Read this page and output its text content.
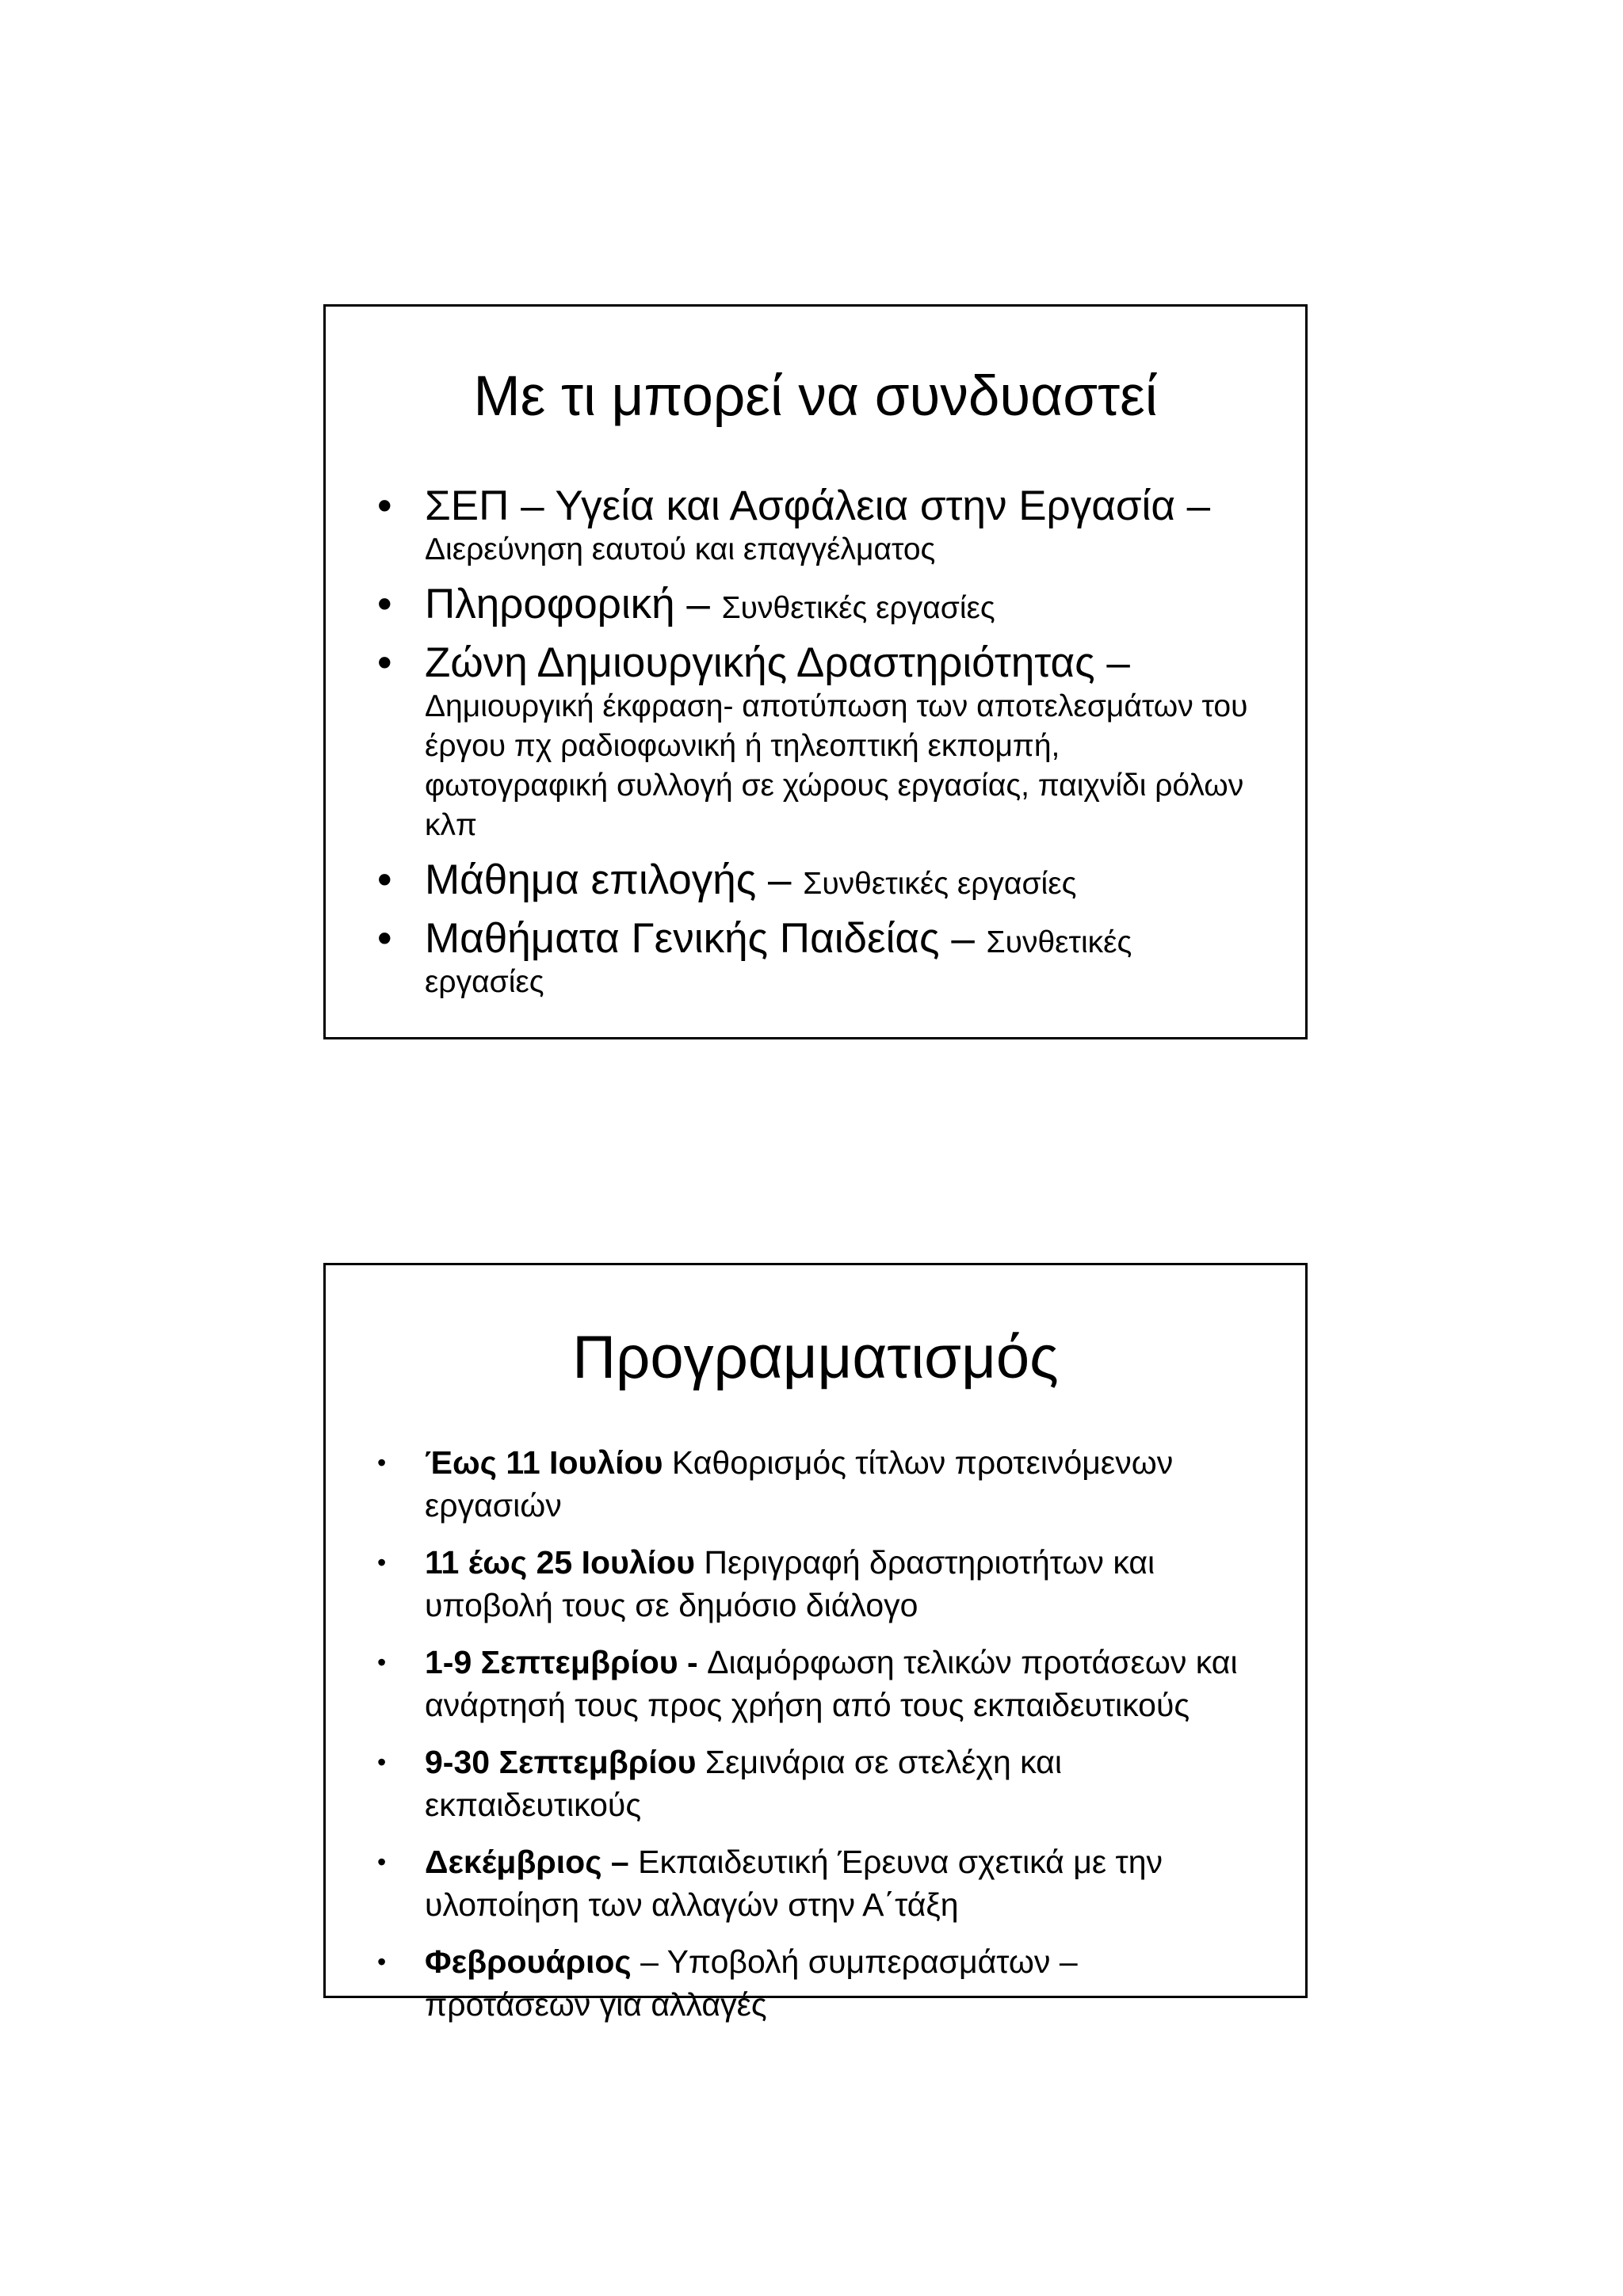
Με τι μπορεί να συνδυαστεί
• ΣΕΠ – Υγεία και Ασφάλεια στην Εργασία –
Διερεύνηση εαυτού και επαγγέλματος
• Πληροφορική – Συνθετικές εργασίες
• Ζώνη Δημιουργικής Δραστηριότητας –
Δημιουργική έκφραση- αποτύπωση των αποτελεσμάτων του έργου πχ ραδιοφωνική ή τηλεοπτική εκπομπή, φωτογραφική συλλογή σε χώρους εργασίας, παιχνίδι ρόλων κλπ
• Μάθημα επιλογής – Συνθετικές εργασίες
• Μαθήματα Γενικής Παιδείας – Συνθετικές εργασίες
Προγραμματισμός
• Έως 11 Ιουλίου Καθορισμός τίτλων προτεινόμενων εργασιών
• 11 έως 25 Ιουλίου Περιγραφή δραστηριοτήτων και υποβολή τους σε δημόσιο διάλογο
• 1-9 Σεπτεμβρίου - Διαμόρφωση τελικών προτάσεων και ανάρτησή τους προς χρήση από τους εκπαιδευτικούς
• 9-30 Σεπτεμβρίου Σεμινάρια σε στελέχη και εκπαιδευτικούς
• Δεκέμβριος – Εκπαιδευτική Έρευνα σχετικά με την υλοποίηση των αλλαγών στην Α΄τάξη
• Φεβρουάριος – Υποβολή συμπερασμάτων – προτάσεων για αλλαγές
